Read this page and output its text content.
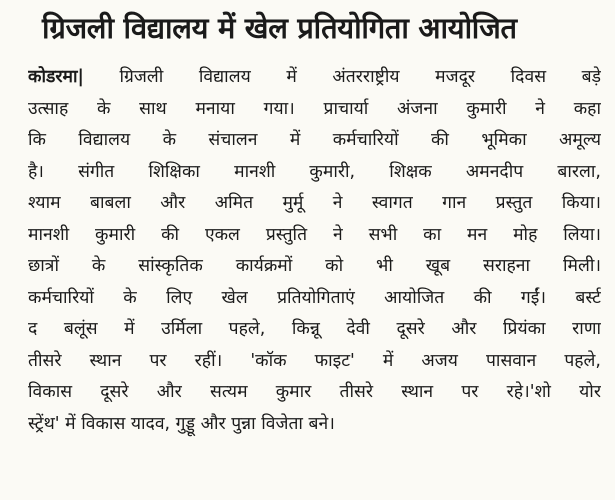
ग्रिजली विद्यालय में खेल प्रतियोगिता आयोजित
कोडरमा| ग्रिजली विद्यालय में अंतरराष्ट्रीय मजदूर दिवस बड़े
उत्साह के साथ मनाया गया। प्राचार्या अंजना कुमारी ने कहा
कि विद्यालय के संचालन में कर्मचारियों की भूमिका अमूल्य
है। संगीत शिक्षिका मानशी कुमारी, शिक्षक अमनदीप बारला,
श्याम बाबला और अमित मुर्मू ने स्वागत गान प्रस्तुत किया।
मानशी कुमारी की एकल प्रस्तुति ने सभी का मन मोह लिया।
छात्रों के सांस्कृतिक कार्यक्रमों को भी खूब सराहना मिली।
कर्मचारियों के लिए खेल प्रतियोगिताएं आयोजित की गईं। बर्स्ट
द बलूंस में उर्मिला पहले, किन्नू देवी दूसरे और प्रियंका राणा
तीसरे स्थान पर रहीं। 'कॉक फाइट' में अजय पासवान पहले,
विकास दूसरे और सत्यम कुमार तीसरे स्थान पर रहे।'शो योर
स्ट्रेंथ' में विकास यादव, गुड्डू और पुन्ना विजेता बने।
